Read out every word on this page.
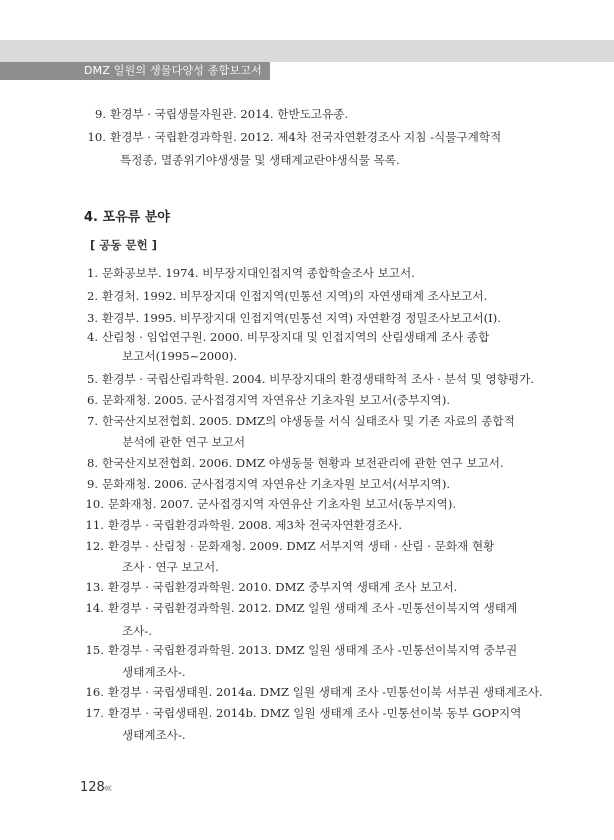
DMZ 일원의 생물다양성 종합보고서
9. 환경부 · 국립생물자원관. 2014. 한반도고유종.
10. 환경부 · 국립환경과학원. 2012. 제4차 전국자연환경조사 지침 -식물구계학적
특정종, 멸종위기야생생물 및 생태계교란야생식물 목록.
4. 포유류 분야
[ 공동 문헌 ]
1. 문화공보부. 1974. 비무장지대인접지역 종합학술조사 보고서.
2. 환경처. 1992. 비무장지대 인접지역(민통선 지역)의 자연생태계 조사보고서.
3. 환경부. 1995. 비무장지대 인접지역(민통선 지역) 자연환경 정밀조사보고서(Ⅰ).
4. 산림청 · 임업연구원. 2000. 비무장지대 및 인접지역의 산림생태계 조사 종합
보고서(1995~2000).
5. 환경부 · 국립산림과학원. 2004. 비무장지대의 환경생태학적 조사 · 분석 및 영향평가.
6. 문화재청. 2005. 군사접경지역 자연유산 기초자원 보고서(중부지역).
7. 한국산지보전협회. 2005. DMZ의 야생동물 서식 실태조사 및 기존 자료의 종합적
분석에 관한 연구 보고서
8. 한국산지보전협회. 2006. DMZ 야생동물 현황과 보전관리에 관한 연구 보고서.
9. 문화재청. 2006. 군사접경지역 자연유산 기초자원 보고서(서부지역).
10. 문화재청. 2007. 군사접경지역 자연유산 기초자원 보고서(동부지역).
11. 환경부 · 국립환경과학원. 2008. 제3차 전국자연환경조사.
12. 환경부 · 산림청 · 문화재청. 2009. DMZ 서부지역 생태 · 산림 · 문화재 현황
조사 · 연구 보고서.
13. 환경부 · 국립환경과학원. 2010. DMZ 중부지역 생태계 조사 보고서.
14. 환경부 · 국립환경과학원. 2012. DMZ 일원 생태계 조사 -민통선이북지역 생태계
조사-.
15. 환경부 · 국립환경과학원. 2013. DMZ 일원 생태계 조사 -민통선이북지역 중부권
생태계조사-.
16. 환경부 · 국립생태원. 2014a. DMZ 일원 생태계 조사 -민통선이북 서부권 생태계조사.
17. 환경부 · 국립생태원. 2014b. DMZ 일원 생태계 조사 -민통선이북 동부 GOP지역
생태계조사-.
128
‹‹‹
